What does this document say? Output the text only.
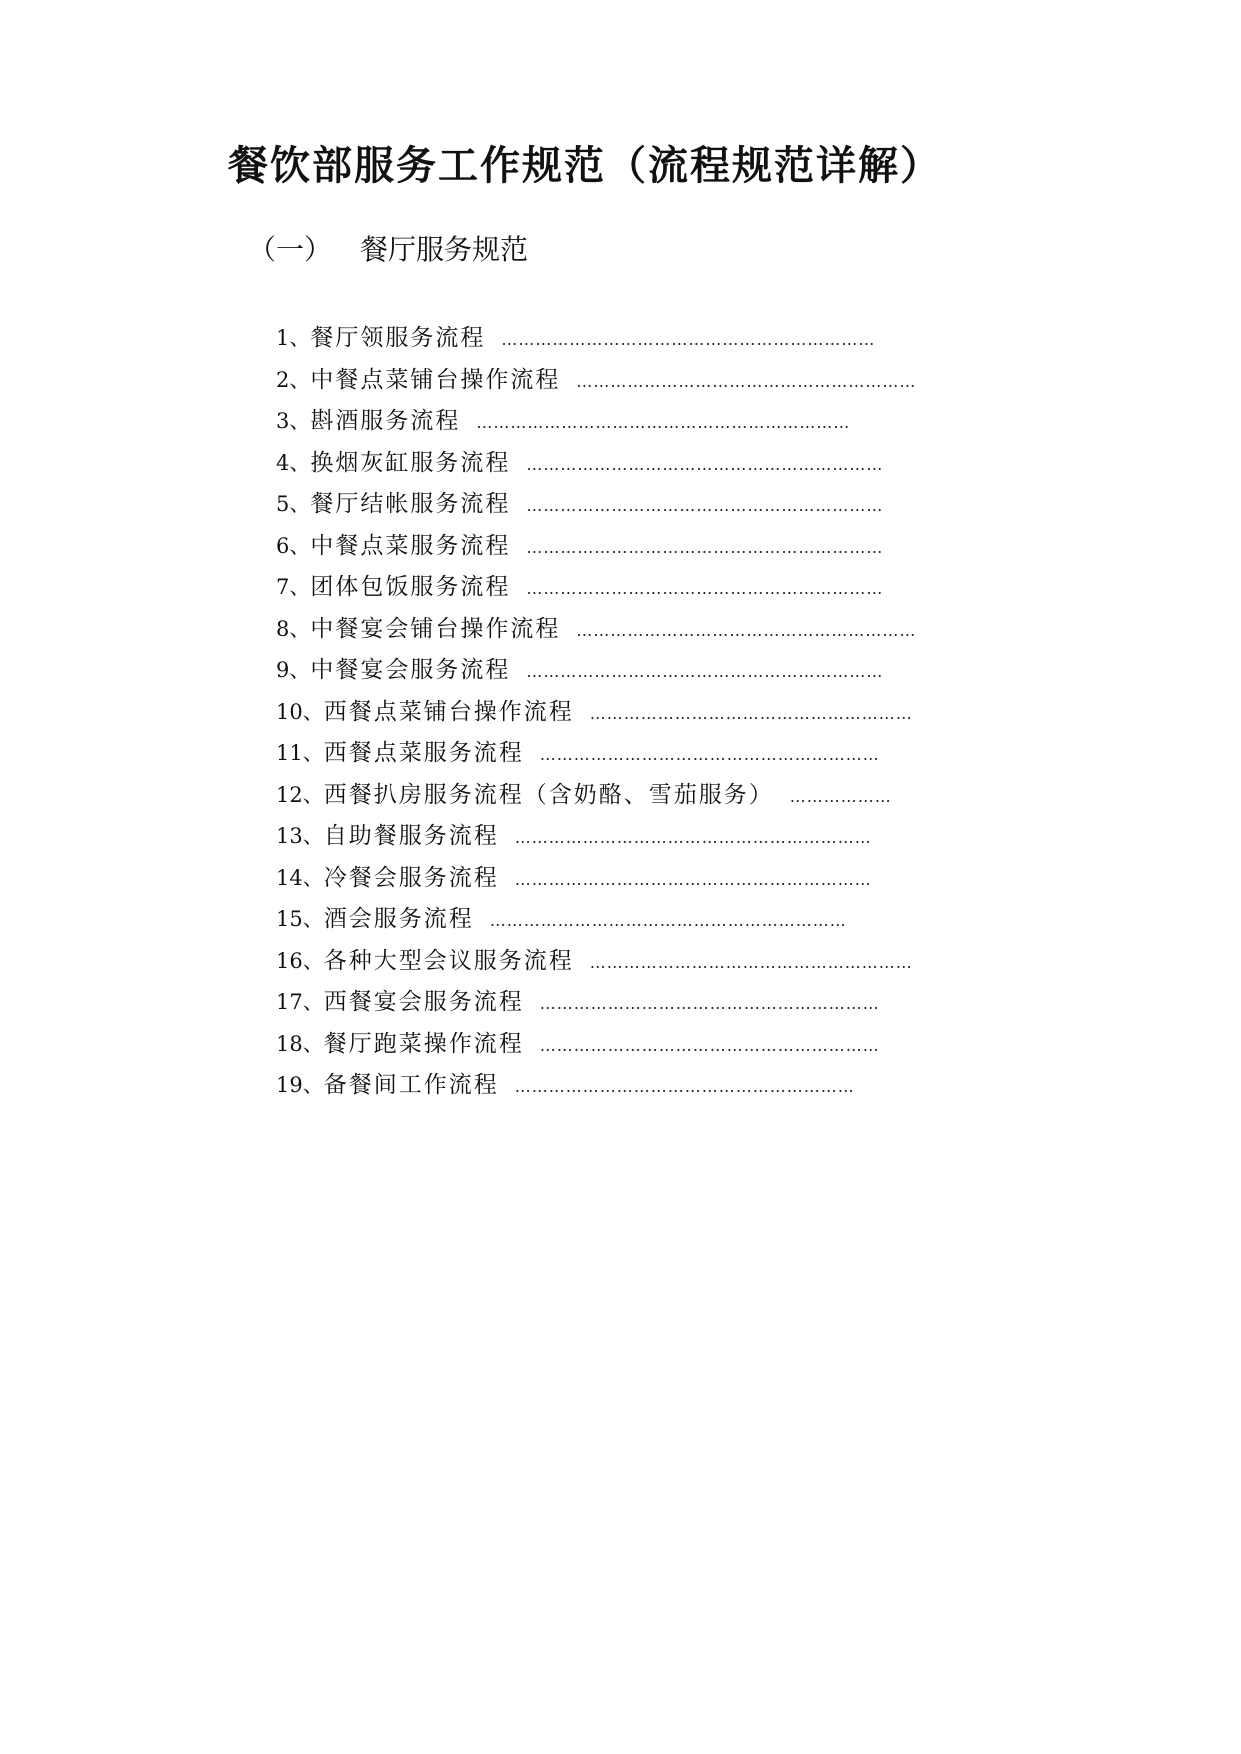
餐饮部服务工作规范（流程规范详解）
（一） 餐厅服务规范
1、餐厅领服务流程 …………………………………………………………
2、中餐点菜铺台操作流程 ……………………………………………………
3、斟酒服务流程 …………………………………………………………
4、换烟灰缸服务流程 ………………………………………………………
5、餐厅结帐服务流程 ………………………………………………………
6、中餐点菜服务流程 ………………………………………………………
7、团体包饭服务流程 ………………………………………………………
8、中餐宴会铺台操作流程 ……………………………………………………
9、中餐宴会服务流程 ………………………………………………………
10、西餐点菜铺台操作流程 …………………………………………………
11、西餐点菜服务流程 ……………………………………………………
12、西餐扒房服务流程（含奶酪、雪茄服务） ………………
13、自助餐服务流程 ………………………………………………………
14、冷餐会服务流程 ………………………………………………………
15、酒会服务流程 ………………………………………………………
16、各种大型会议服务流程 …………………………………………………
17、西餐宴会服务流程 ……………………………………………………
18、餐厅跑菜操作流程 ……………………………………………………
19、备餐间工作流程 ……………………………………………………
